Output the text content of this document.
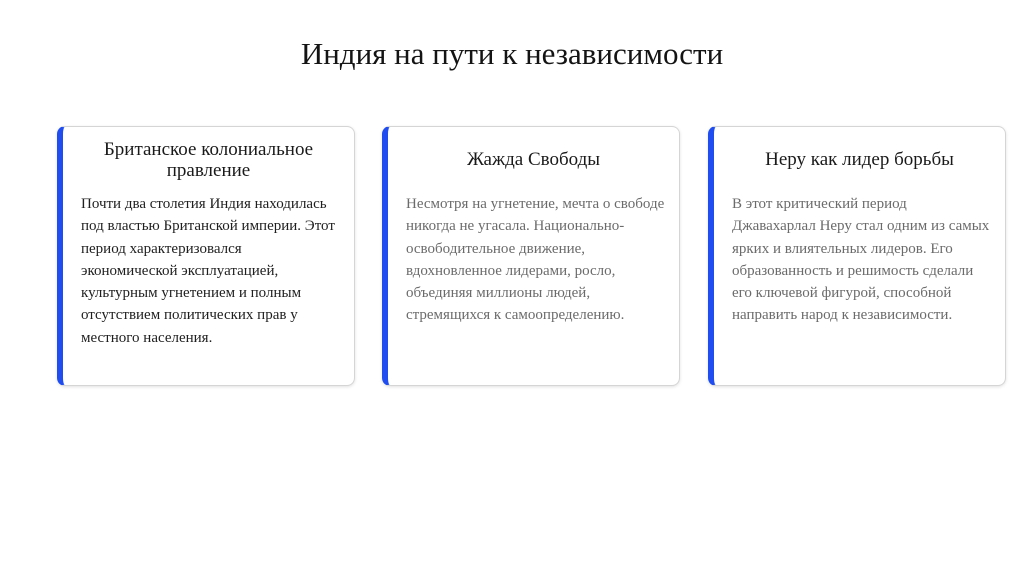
Индия на пути к независимости
Британское колониальное правление

Почти два столетия Индия находилась под властью Британской империи. Этот период характеризовался экономической эксплуатацией, культурным угнетением и полным отсутствием политических прав у местного населения.

Жажда Свободы

Несмотря на угнетение, мечта о свободе никогда не угасала. Национально-освободительное движение, вдохновленное лидерами, росло, объединяя миллионы людей, стремящихся к самоопределению.

Неру как лидер борьбы

В этот критический период Джавахарлал Неру стал одним из самых ярких и влиятельных лидеров. Его образованность и решимость сделали его ключевой фигурой, способной направить народ к независимости.
